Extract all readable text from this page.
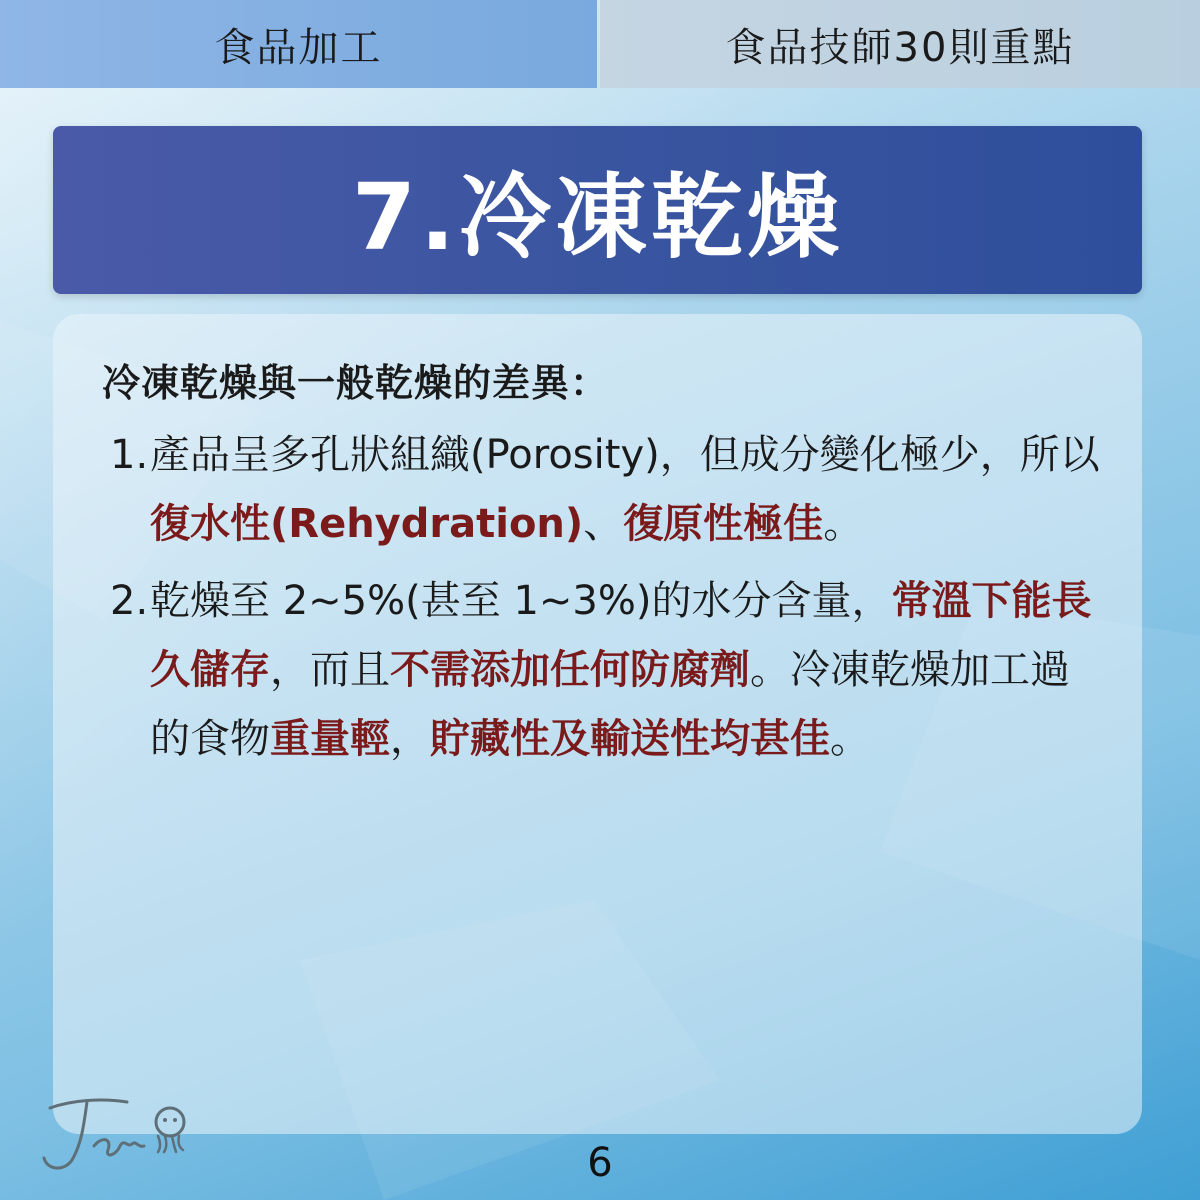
食品加工	食品技師30則重點
7.冷凍乾燥
冷凍乾燥與一般乾燥的差異：
1. 產品呈多孔狀組織(Porosity)，但成分變化極少，所以復水性(Rehydration)、復原性極佳。
2. 乾燥至 2~5%(甚至 1~3%)的水分含量，常溫下能長久儲存，而且不需添加任何防腐劑。冷凍乾燥加工過的食物重量輕，貯藏性及輸送性均甚佳。
6
